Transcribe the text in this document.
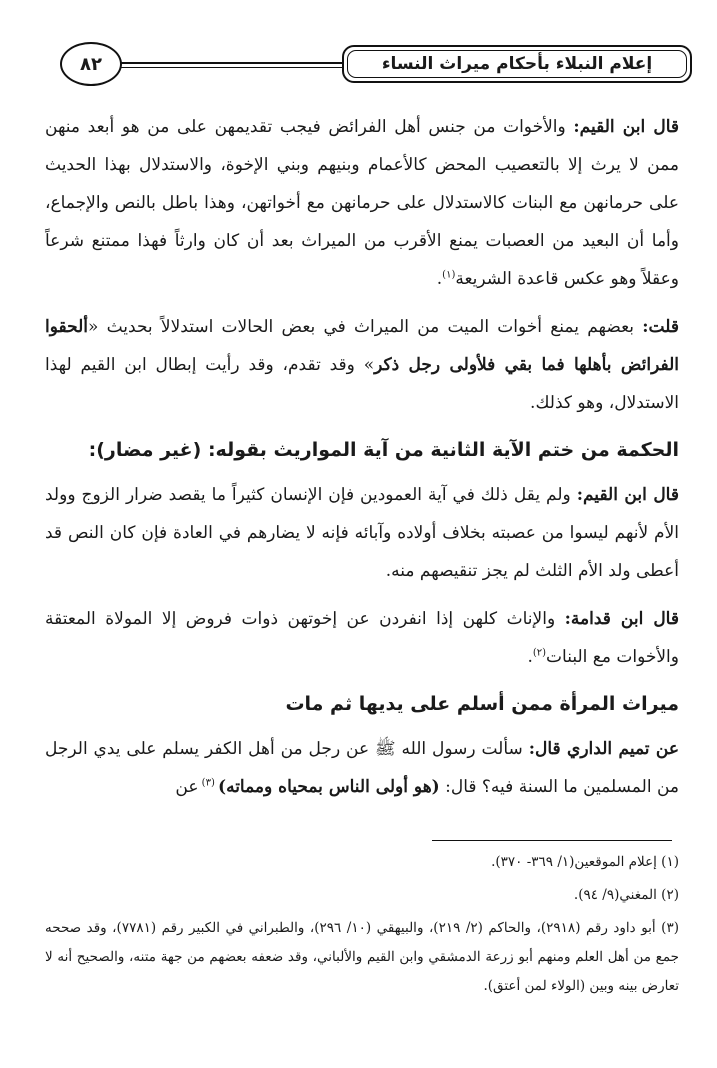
إعلام النبلاء بأحكام ميراث النساء
٨٢

قال ابن القيم: والأخوات من جنس أهل الفرائض فيجب تقديمهن على من هو أبعد منهن ممن لا يرث إلا بالتعصيب المحض كالأعمام وبنيهم وبني الإخوة، والاستدلال بهذا الحديث على حرمانهن مع البنات كالاستدلال على حرمانهن مع أخواتهن، وهذا باطل بالنص والإجماع، وأما أن البعيد من العصبات يمنع الأقرب من الميراث بعد أن كان وارثاً فهذا ممتنع شرعاً وعقلاً وهو عكس قاعدة الشريعة$^{(١)}$.

قلت: بعضهم يمنع أخوات الميت من الميراث في بعض الحالات استدلالاً بحديث «ألحقوا الفرائض بأهلها فما بقي فلأولى رجل ذكر» وقد تقدم، وقد رأيت إبطال ابن القيم لهذا الاستدلال، وهو كذلك.

الحكمة من ختم الآية الثانية من آية المواريث بقوله: (غير مضار):

قال ابن القيم: ولم يقل ذلك في آية العمودين فإن الإنسان كثيراً ما يقصد ضرار الزوج وولد الأم لأنهم ليسوا من عصبته بخلاف أولاده وآبائه فإنه لا يضارهم في العادة فإن كان النص قد أعطى ولد الأم الثلث لم يجز تنقيصهم منه.

قال ابن قدامة: والإناث كلهن إذا انفردن عن إخوتهن ذوات فروض إلا المولاة المعتقة والأخوات مع البنات$^{(٢)}$.

ميراث المرأة ممن أسلم على يديها ثم مات

عن تميم الداري قال: سألت رسول الله ﷺ عن رجل من أهل الكفر يسلم على يدي الرجل من المسلمين ما السنة فيه؟ قال: (هو أولى الناس بمحياه ومماته) $^{(٣)}$ عن

(١) إعلام الموقعين(١/ ٣٦٩- ٣٧٠).

(٢) المغني(٩/ ٩٤).

(٣) أبو داود رقم (٢٩١٨)، والحاكم (٢/ ٢١٩)، والبيهقي (١٠/ ٢٩٦)، والطبراني في الكبير رقم (٧٧٨١)، وقد صححه جمع من أهل العلم ومنهم أبو زرعة الدمشقي وابن القيم والألباني، وقد ضعفه بعضهم من جهة متنه، والصحيح أنه لا تعارض بينه وبين (الولاء لمن أعتق).
